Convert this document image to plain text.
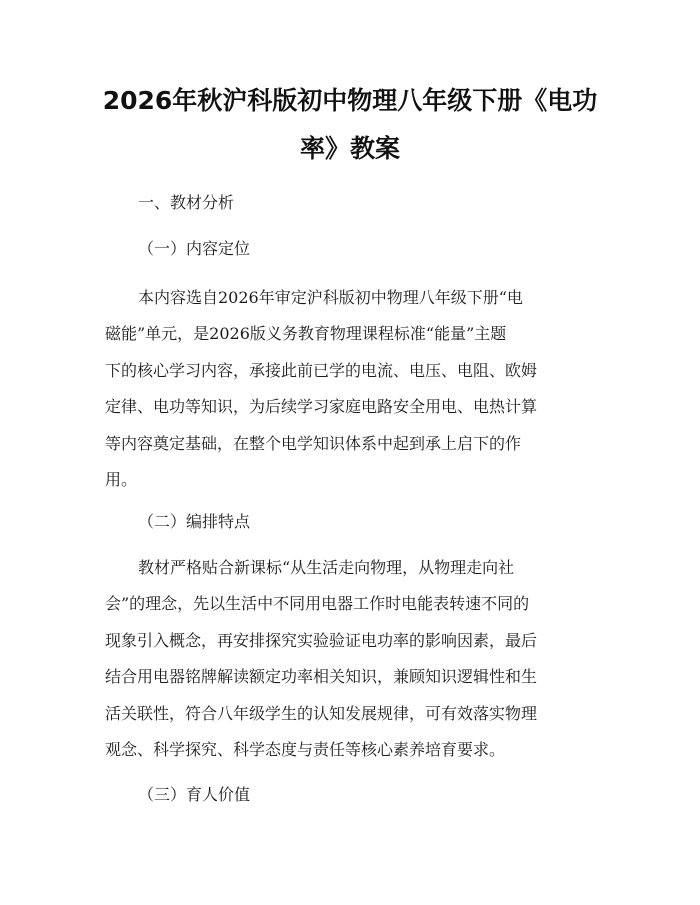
2026年秋沪科版初中物理八年级下册《电功
率》教案
一、教材分析
（一）内容定位
本内容选自2026年审定沪科版初中物理八年级下册“电
磁能”单元，是2026版义务教育物理课程标准“能量”主题
下的核心学习内容，承接此前已学的电流、电压、电阻、欧姆
定律、电功等知识，为后续学习家庭电路安全用电、电热计算
等内容奠定基础，在整个电学知识体系中起到承上启下的作
用。
教材严格贴合新课标“从生活走向物理，从物理走向社
会”的理念，先以生活中不同用电器工作时电能表转速不同的
现象引入概念，再安排探究实验验证电功率的影响因素，最后
结合用电器铭牌解读额定功率相关知识，兼顾知识逻辑性和生
活关联性，符合八年级学生的认知发展规律，可有效落实物理
观念、科学探究、科学态度与责任等核心素养培育要求。
（二）编排特点
（三）育人价值
